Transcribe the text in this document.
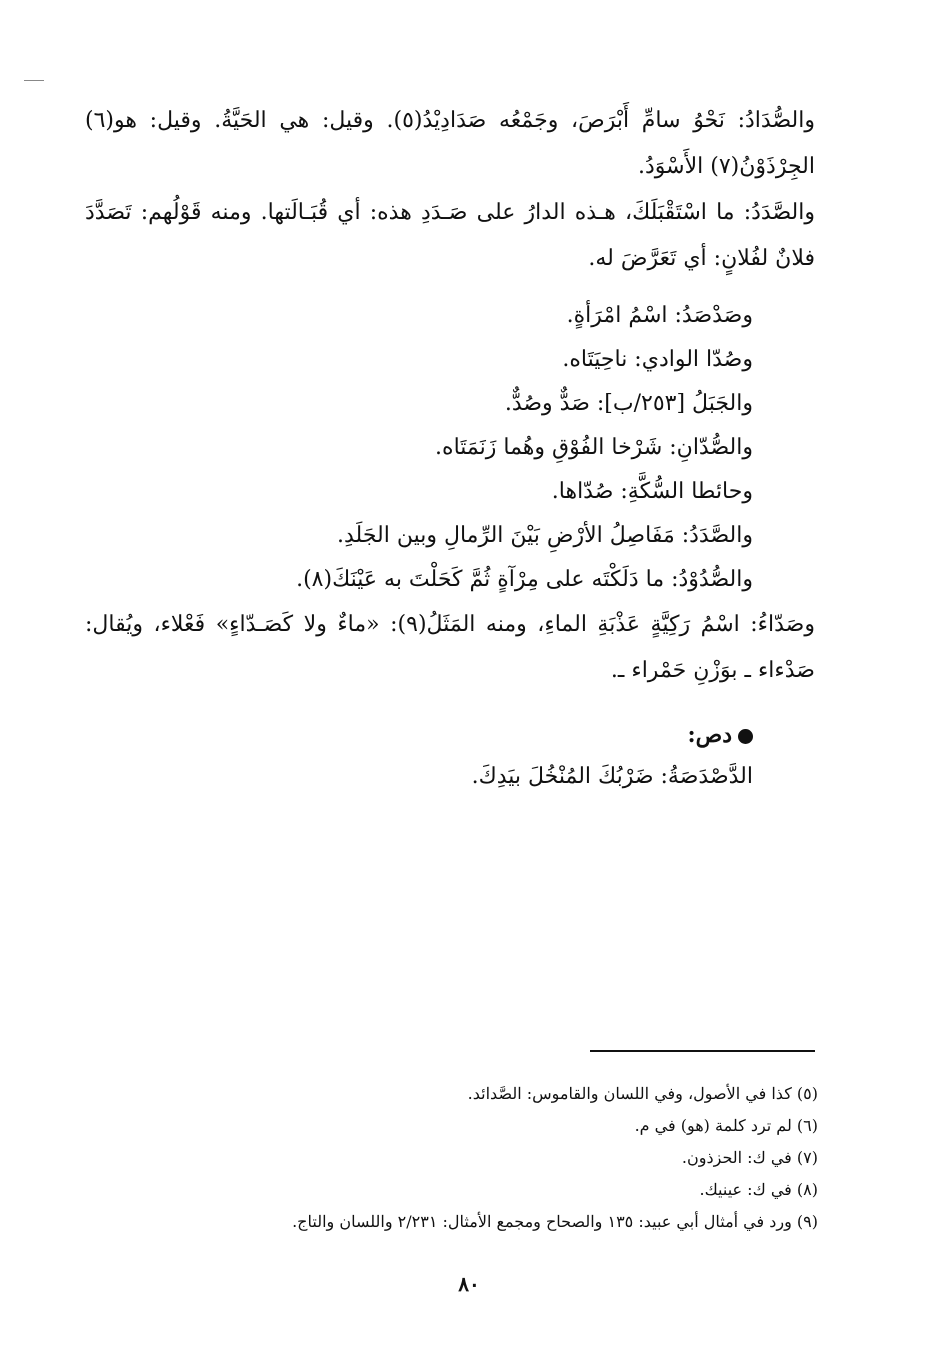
والصُّدَادُ: نَحْوُ سامِّ أَبْرَصَ، وجَمْعُه صَدَادِيْدُ(٥). وقيل: هي الحَيَّةُ. وقيل: هو(٦) الجِرْذَوْنُ(٧) الأَسْوَدُ.

والصَّدَدُ: ما اسْتَقْبَلَكَ، هـذه الدارُ على صَـدَدِ هذه: أي قُبَـالَتها. ومنه قَوْلُهم: تَصَدَّدَ فلانٌ لفُلانٍ: أي تَعَرَّضَ له.

وصَدْصَدُ: اسْمُ امْرَأةٍ.

وصُدّا الوادي: ناحِيَتَاه.

والجَبَلُ [٢٥٣/ب]: صَدٌّ وصُدٌّ.

والصُّدّانِ: شَرْخا الفُوْقِ وهُما زَنَمَتَاه.

وحائطا السُّكَّةِ: صُدّاها.

والصَّدَدُ: مَفَاصِلُ الأرْضِ بَيْنَ الرِّمالِ وبين الجَلَدِ.

والصُّدُوْدُ: ما دَلَكْتَه على مِرْآةٍ ثُمَّ كَحَلْتَ به عَيْنَكَ(٨).

وصَدّاءُ: اسْمُ رَكِيَّةٍ عَذْبَةِ الماءِ، ومنه المَثَلُ(٩): «ماءٌ ولا كَصَـدّاءٍ» فَعْلاء، ويُقال: صَدْءاء ـ بوَزْنِ حَمْراء ـ.

دص:

الدَّصْدَصَةُ: ضَرْبُكَ المُنْخُلَ بيَدِكَ.

(٥) كذا في الأصول، وفي اللسان والقاموس: الصَّدائد.

(٦) لم ترد كلمة (هو) في م.

(٧) في ك: الحزذون.

(٨) في ك: عينيك.

(٩) ورد في أمثال أبي عبيد: ١٣٥ والصحاح ومجمع الأمثال: ٢/٢٣١ واللسان والتاج.

٨٠
